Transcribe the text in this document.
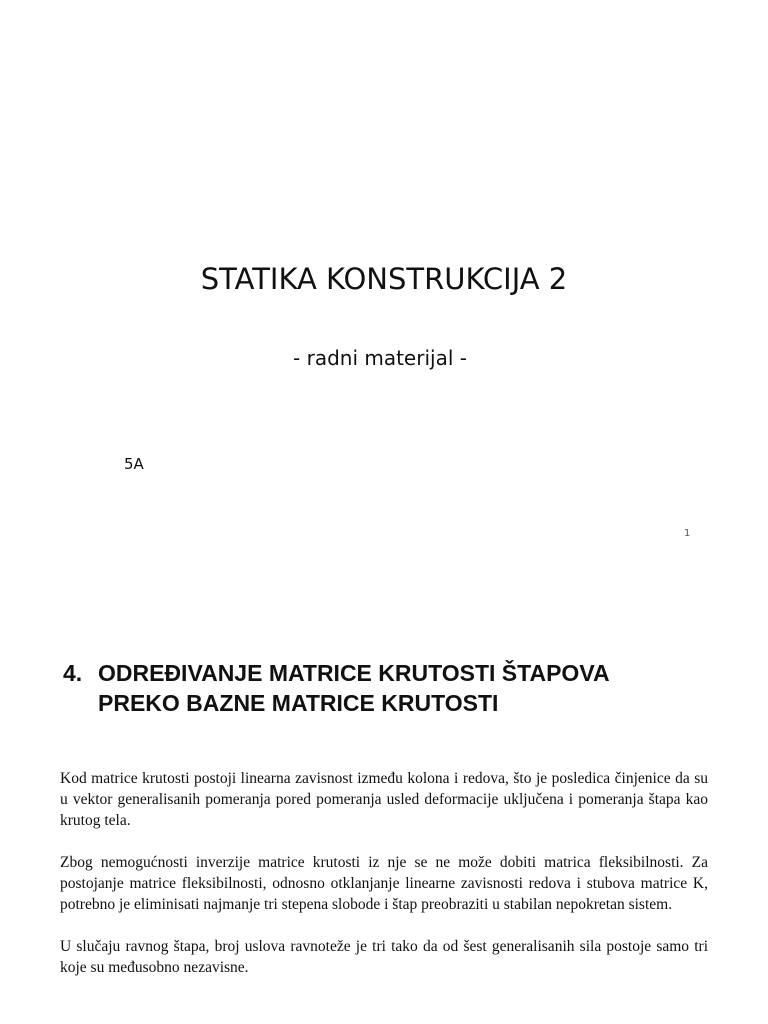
STATIKA KONSTRUKCIJA 2
- radni materijal -
5A
1
4. ODREĐIVANJE MATRICE KRUTOSTI ŠTAPOVA
PREKO BAZNE MATRICE KRUTOSTI

Kod matrice krutosti postoji linearna zavisnost između kolona i redova, što je posledica činjenice da su u vektor generalisanih pomeranja pored pomeranja usled deformacije uključena i pomeranja štapa kao krutog tela.

Zbog nemogućnosti inverzije matrice krutosti iz nje se ne može dobiti matrica fleksibilnosti. Za postojanje matrice fleksibilnosti, odnosno otklanjanje linearne zavisnosti redova i stubova matrice K, potrebno je eliminisati najmanje tri stepena slobode i štap preobraziti u stabilan nepokretan sistem.

U slučaju ravnog štapa, broj uslova ravnoteže je tri tako da od šest generalisanih sila postoje samo tri koje su međusobno nezavisne.
